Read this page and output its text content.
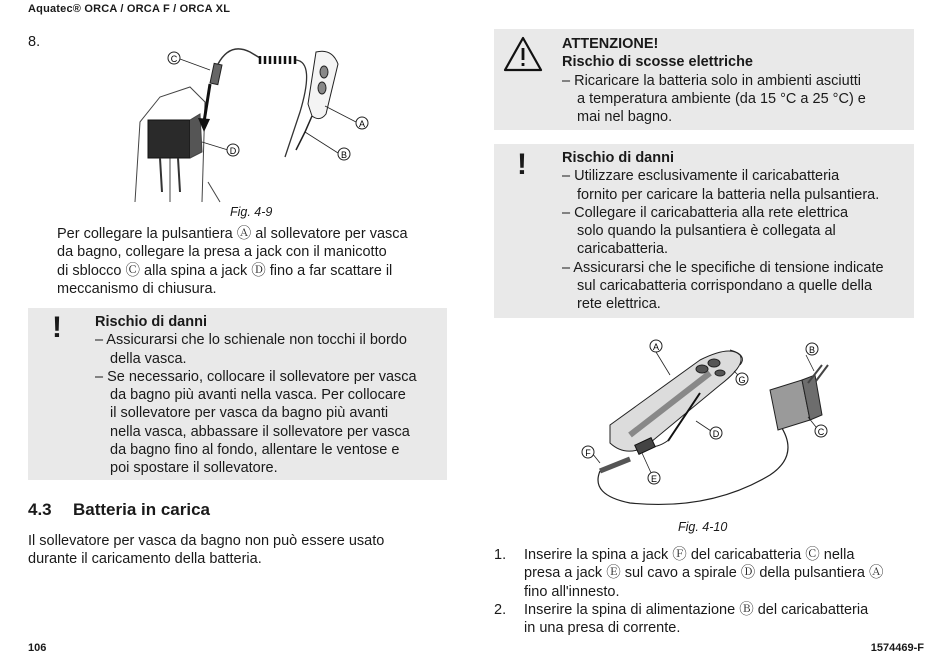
Aquatec® ORCA / ORCA F / ORCA XL
8.
C
A
B
D
Fig. 4-9
Per collegare la pulsantiera Ⓐ al sollevatore per vasca
da bagno, collegare la presa a jack con il manicotto
di sblocco Ⓒ alla spina a jack Ⓓ fino a far scattare il
meccanismo di chiusura.
! Rischio di danni
– Assicurarsi che lo schienale non tocchi il bordo
della vasca.
– Se necessario, collocare il sollevatore per vasca
da bagno più avanti nella vasca. Per collocare
il sollevatore per vasca da bagno più avanti
nella vasca, abbassare il sollevatore per vasca
da bagno fino al fondo, allentare le ventose e
poi spostare il sollevatore.
4.3 Batteria in carica
Il sollevatore per vasca da bagno non può essere usato
durante il caricamento della batteria.
ATTENZIONE!
Rischio di scosse elettriche
– Ricaricare la batteria solo in ambienti asciutti
a temperatura ambiente (da 15 °C a 25 °C) e
mai nel bagno.
! Rischio di danni
– Utilizzare esclusivamente il caricabatteria
fornito per caricare la batteria nella pulsantiera.
– Collegare il caricabatteria alla rete elettrica
solo quando la pulsantiera è collegata al
caricabatteria.
– Assicurarsi che le specifiche di tensione indicate
sul caricabatteria corrispondano a quelle della
rete elettrica.
A	B
G
C
D
F
E
Fig. 4-10
1. Inserire la spina a jack Ⓕ del caricabatteria Ⓒ nella
presa a jack Ⓔ sul cavo a spirale Ⓓ della pulsantiera Ⓐ
fino all'innesto.
2. Inserire la spina di alimentazione Ⓑ del caricabatteria
in una presa di corrente.
106	1574469-F
